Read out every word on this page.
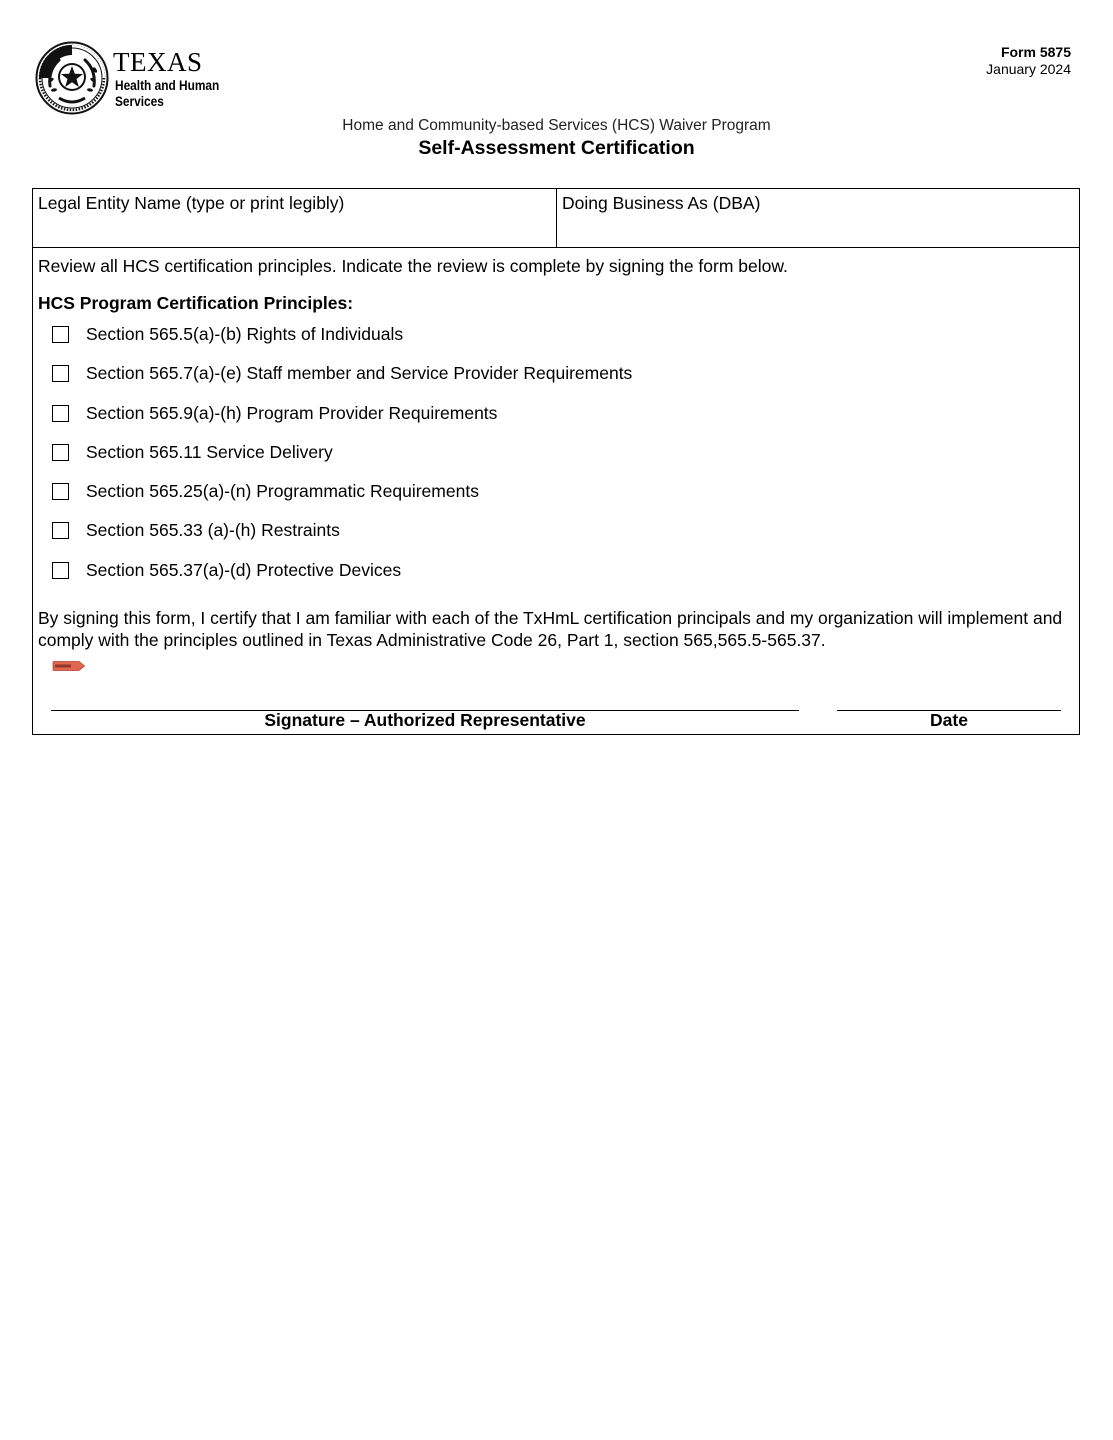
TEXAS
Health and Human
Services
Form 5875
January 2024
Home and Community-based Services (HCS) Waiver Program
Self-Assessment Certification
Legal Entity Name (type or print legibly)	Doing Business As (DBA)
Review all HCS certification principles. Indicate the review is complete by signing the form below.
HCS Program Certification Principles:
Section 565.5(a)-(b) Rights of Individuals
Section 565.7(a)-(e) Staff member and Service Provider Requirements
Section 565.9(a)-(h) Program Provider Requirements
Section 565.11 Service Delivery
Section 565.25(a)-(n) Programmatic Requirements
Section 565.33 (a)-(h) Restraints
Section 565.37(a)-(d) Protective Devices
By signing this form, I certify that I am familiar with each of the TxHmL certification principals and my organization will implement and comply with the principles outlined in Texas Administrative Code 26, Part 1, section 565,565.5-565.37.
Signature – Authorized Representative	Date
